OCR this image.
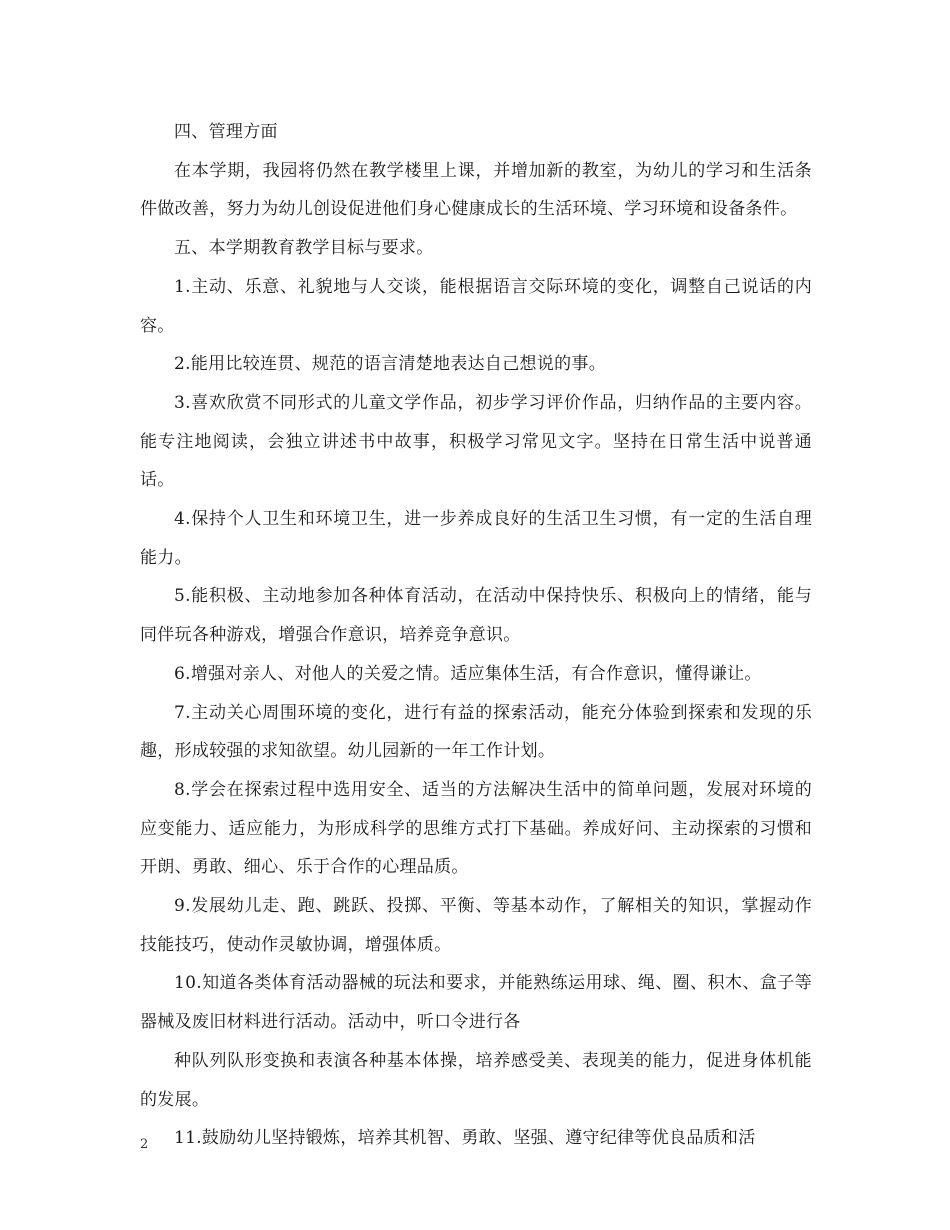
四、管理方面

在本学期，我园将仍然在教学楼里上课，并增加新的教室，为幼儿的学习和生活条件做改善，努力为幼儿创设促进他们身心健康成长的生活环境、学习环境和设备条件。

五、本学期教育教学目标与要求。

1.主动、乐意、礼貌地与人交谈，能根据语言交际环境的变化，调整自己说话的内容。

2.能用比较连贯、规范的语言清楚地表达自己想说的事。

3.喜欢欣赏不同形式的儿童文学作品，初步学习评价作品，归纳作品的主要内容。能专注地阅读，会独立讲述书中故事，积极学习常见文字。坚持在日常生活中说普通话。

4.保持个人卫生和环境卫生，进一步养成良好的生活卫生习惯，有一定的生活自理能力。

5.能积极、主动地参加各种体育活动，在活动中保持快乐、积极向上的情绪，能与同伴玩各种游戏，增强合作意识，培养竞争意识。

6.增强对亲人、对他人的关爱之情。适应集体生活，有合作意识，懂得谦让。

7.主动关心周围环境的变化，进行有益的探索活动，能充分体验到探索和发现的乐趣，形成较强的求知欲望。幼儿园新的一年工作计划。

8.学会在探索过程中选用安全、适当的方法解决生活中的简单问题，发展对环境的应变能力、适应能力，为形成科学的思维方式打下基础。养成好问、主动探索的习惯和开朗、勇敢、细心、乐于合作的心理品质。

9.发展幼儿走、跑、跳跃、投掷、平衡、等基本动作，了解相关的知识，掌握动作技能技巧，使动作灵敏协调，增强体质。

10.知道各类体育活动器械的玩法和要求，并能熟练运用球、绳、圈、积木、盒子等器械及废旧材料进行活动。活动中，听口令进行各

种队列队形变换和表演各种基本体操，培养感受美、表现美的能力，促进身体机能的发展。

11.鼓励幼儿坚持锻炼，培养其机智、勇敢、坚强、遵守纪律等优良品质和活

2
